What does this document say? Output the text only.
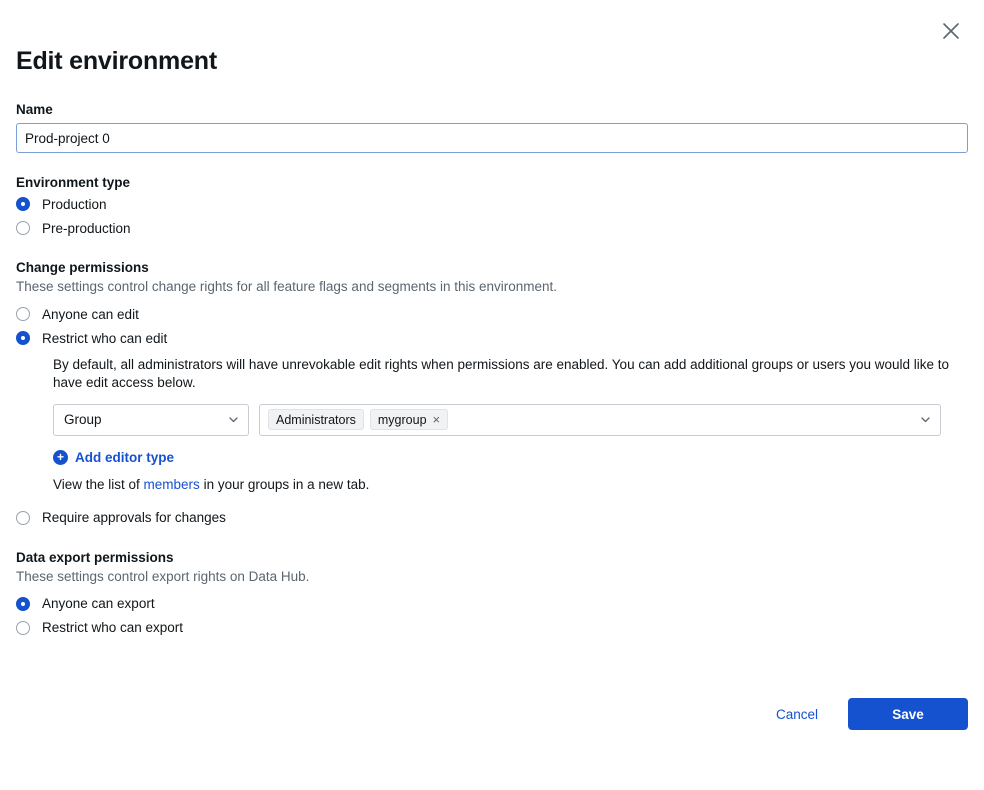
Edit environment
Name
Prod-project 0
Environment type
Production
Pre-production
Change permissions
These settings control change rights for all feature flags and segments in this environment.
Anyone can edit
Restrict who can edit
By default, all administrators will have unrevokable edit rights when permissions are enabled. You can add additional groups or users you would like to have edit access below.
Group	Administrators mygroup ×
+ Add editor type
View the list of members in your groups in a new tab.
Require approvals for changes
Data export permissions
These settings control export rights on Data Hub.
Anyone can export
Restrict who can export
Cancel	Save
